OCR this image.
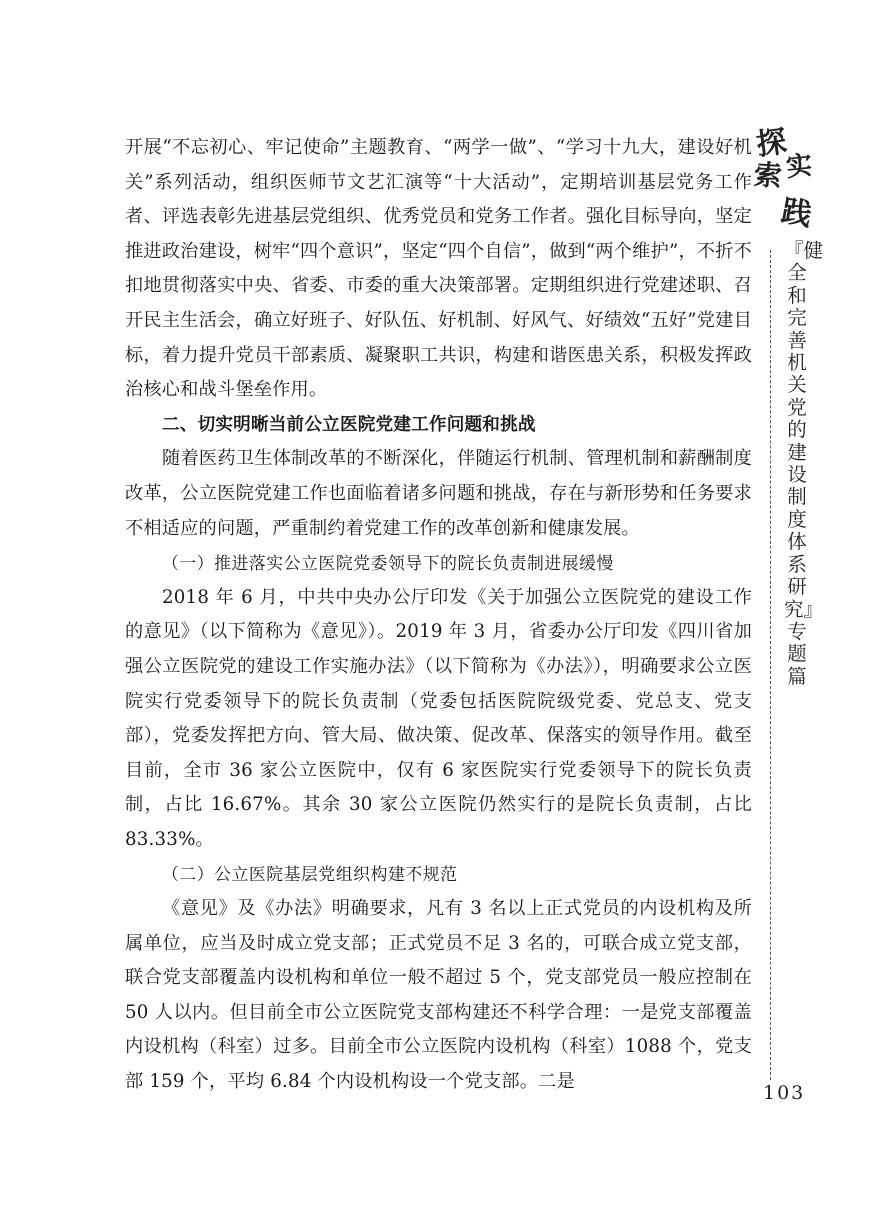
开展“不忘初心、牢记使命”主题教育、“两学一做”、“学习十九大，建设好机关”系列活动，组织医师节文艺汇演等“十大活动”，定期培训基层党务工作者、评选表彰先进基层党组织、优秀党员和党务工作者。强化目标导向，坚定推进政治建设，树牢“四个意识”，坚定“四个自信”，做到“两个维护”，不折不扣地贯彻落实中央、省委、市委的重大决策部署。定期组织进行党建述职、召开民主生活会，确立好班子、好队伍、好机制、好风气、好绩效“五好”党建目标，着力提升党员干部素质、凝聚职工共识，构建和谐医患关系，积极发挥政治核心和战斗堡垒作用。

二、切实明晰当前公立医院党建工作问题和挑战

随着医药卫生体制改革的不断深化，伴随运行机制、管理机制和薪酬制度改革，公立医院党建工作也面临着诸多问题和挑战，存在与新形势和任务要求不相适应的问题，严重制约着党建工作的改革创新和健康发展。

（一）推进落实公立医院党委领导下的院长负责制进展缓慢

2018 年 6 月，中共中央办公厅印发《关于加强公立医院党的建设工作的意见》（以下简称为《意见》）。2019 年 3 月，省委办公厅印发《四川省加强公立医院党的建设工作实施办法》（以下简称为《办法》），明确要求公立医院实行党委领导下的院长负责制（党委包括医院院级党委、党总支、党支部），党委发挥把方向、管大局、做决策、促改革、保落实的领导作用。截至目前，全市 36 家公立医院中，仅有 6 家医院实行党委领导下的院长负责制，占比 16.67%。其余 30 家公立医院仍然实行的是院长负责制，占比 83.33%。

（二）公立医院基层党组织构建不规范

《意见》及《办法》明确要求，凡有 3 名以上正式党员的内设机构及所属单位，应当及时成立党支部；正式党员不足 3 名的，可联合成立党支部，联合党支部覆盖内设机构和单位一般不超过 5 个，党支部党员一般应控制在 50 人以内。但目前全市公立医院党支部构建还不科学合理：一是党支部覆盖内设机构（科室）过多。目前全市公立医院内设机构（科室）1088 个，党支部 159 个，平均 6.84 个内设机构设一个党支部。二是

探
索 实
践
『健全和完善机关党的建设制度体系研究』专题篇
103
